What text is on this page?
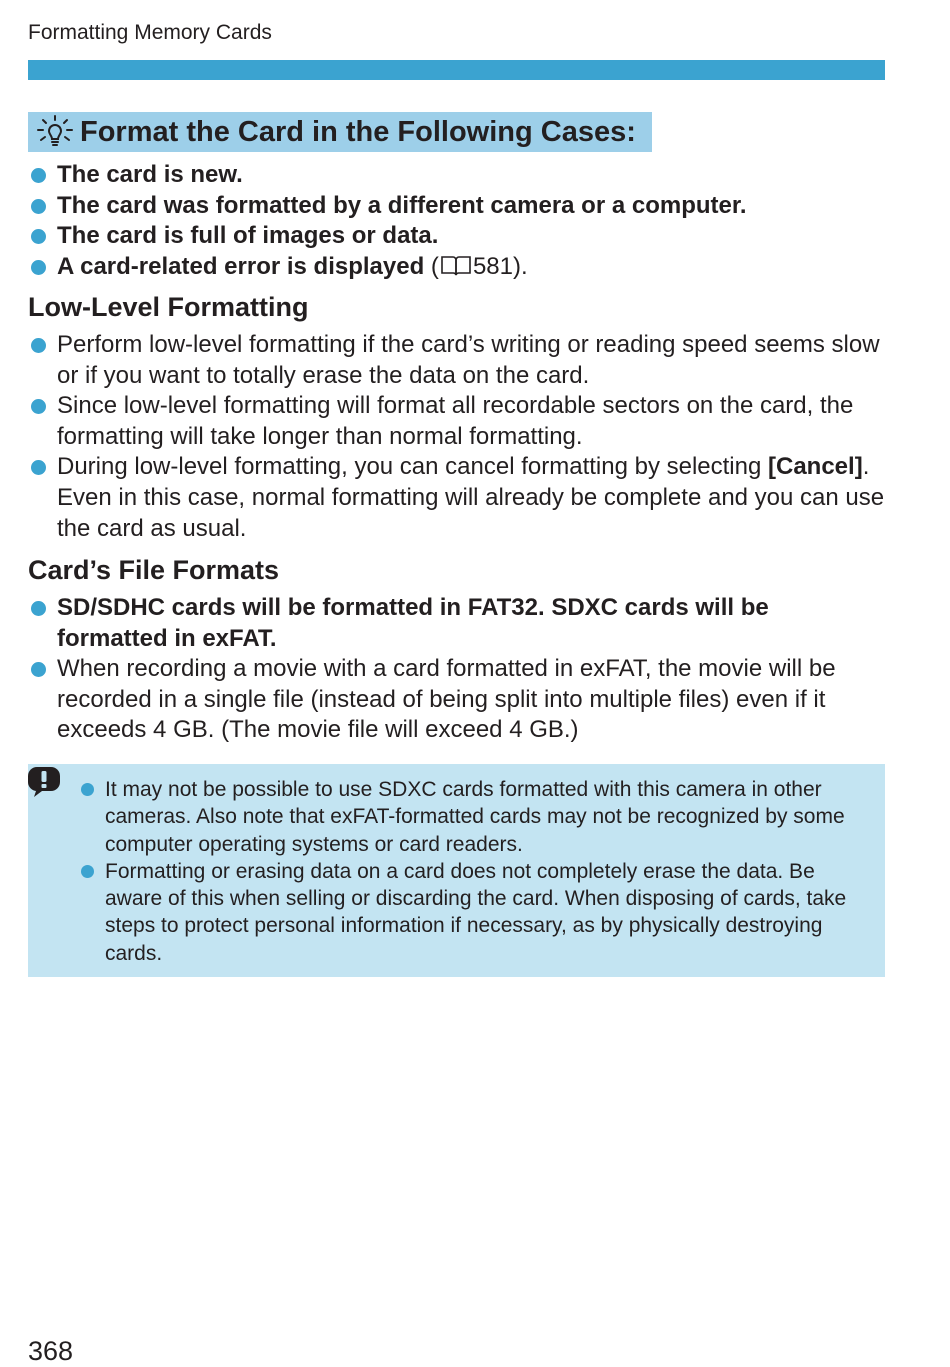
Formatting Memory Cards
Format the Card in the Following Cases:
The card is new.
The card was formatted by a different camera or a computer.
The card is full of images or data.
A card-related error is displayed ( 581).
Low-Level Formatting
Perform low-level formatting if the card’s writing or reading speed seems slow or if you want to totally erase the data on the card.
Since low-level formatting will format all recordable sectors on the card, the formatting will take longer than normal formatting.
During low-level formatting, you can cancel formatting by selecting [Cancel]. Even in this case, normal formatting will already be complete and you can use the card as usual.
Card’s File Formats
SD/SDHC cards will be formatted in FAT32. SDXC cards will be formatted in exFAT.
When recording a movie with a card formatted in exFAT, the movie will be recorded in a single file (instead of being split into multiple files) even if it exceeds 4 GB. (The movie file will exceed 4 GB.)
It may not be possible to use SDXC cards formatted with this camera in other cameras. Also note that exFAT-formatted cards may not be recognized by some computer operating systems or card readers.
Formatting or erasing data on a card does not completely erase the data. Be aware of this when selling or discarding the card. When disposing of cards, take steps to protect personal information if necessary, as by physically destroying cards.
368
